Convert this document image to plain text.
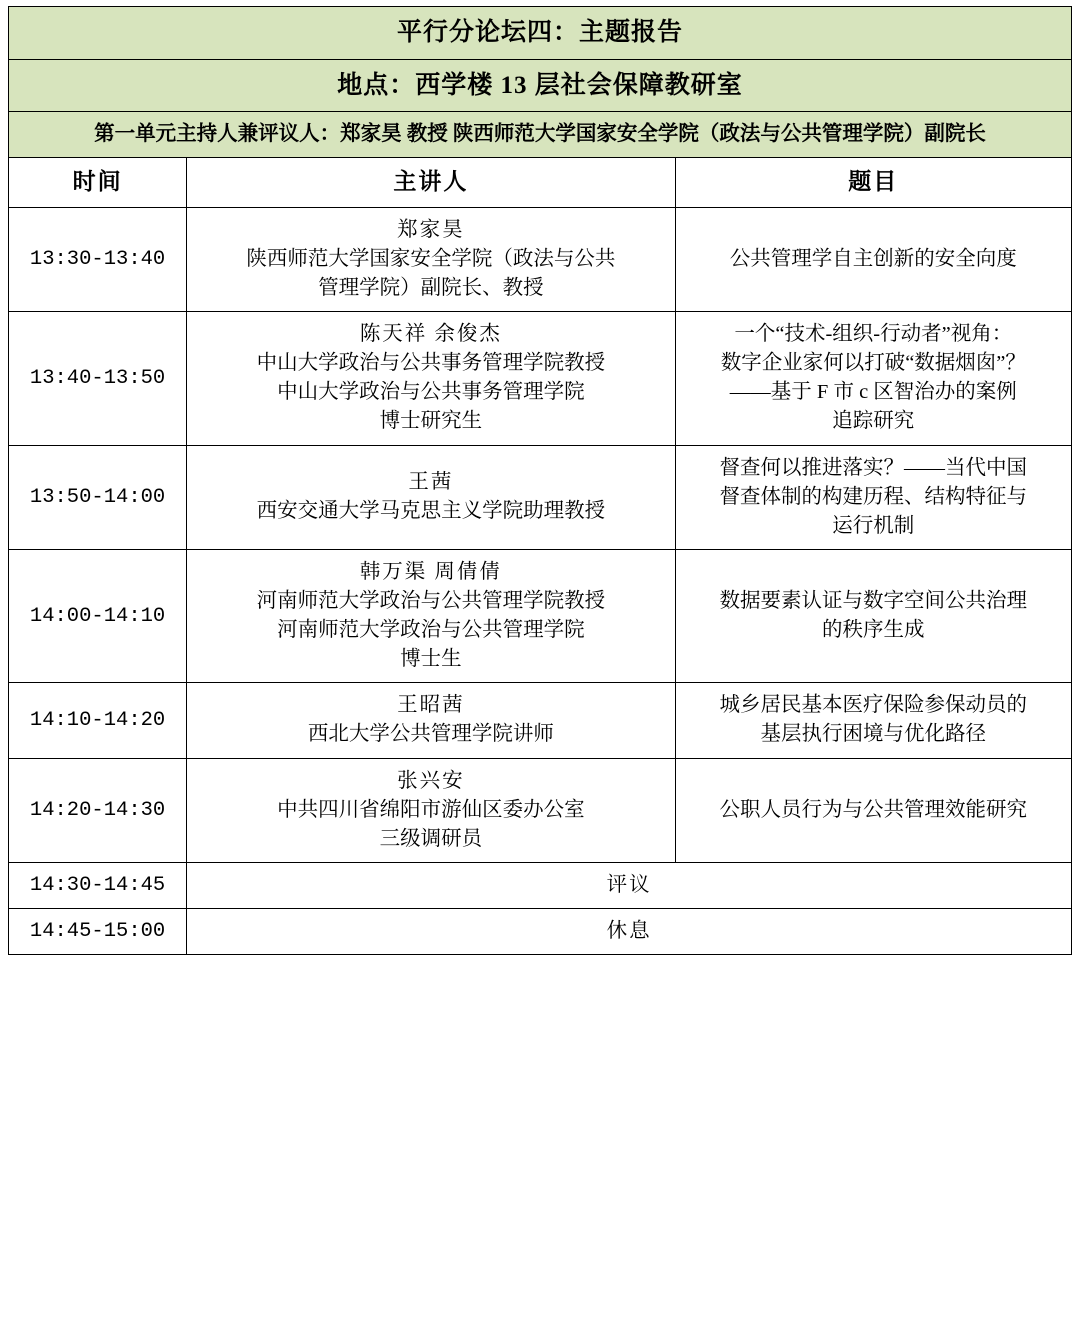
平行分论坛四：主题报告		
地点：西学楼 13 层社会保障教研室		
第一单元主持人兼评议人：郑家昊 教授 陕西师范大学国家安全学院（政法与公共管理学院）副院长		
时间	主讲人	题目
13:30-13:40	郑家昊
陕西师范大学国家安全学院（政法与公共
管理学院）副院长、教授	公共管理学自主创新的安全向度

13:40-13:50	陈天祥 余俊杰
中山大学政治与公共事务管理学院教授
中山大学政治与公共事务管理学院
博士研究生	一个“技术-组织-行动者”视角：
数字企业家何以打破“数据烟囱”？
——基于 F 市 c 区智治办的案例
追踪研究

13:50-14:00	王茜
西安交通大学马克思主义学院助理教授	督查何以推进落实？——当代中国
督查体制的构建历程、结构特征与
运行机制

14:00-14:10	韩万渠 周倩倩
河南师范大学政治与公共管理学院教授
河南师范大学政治与公共管理学院
博士生	数据要素认证与数字空间公共治理
的秩序生成

14:10-14:20	王昭茜
西北大学公共管理学院讲师	城乡居民基本医疗保险参保动员的
基层执行困境与优化路径

14:20-14:30	张兴安
中共四川省绵阳市游仙区委办公室
三级调研员	公职人员行为与公共管理效能研究

14:30-14:45	评议	
14:45-15:00	休息	
